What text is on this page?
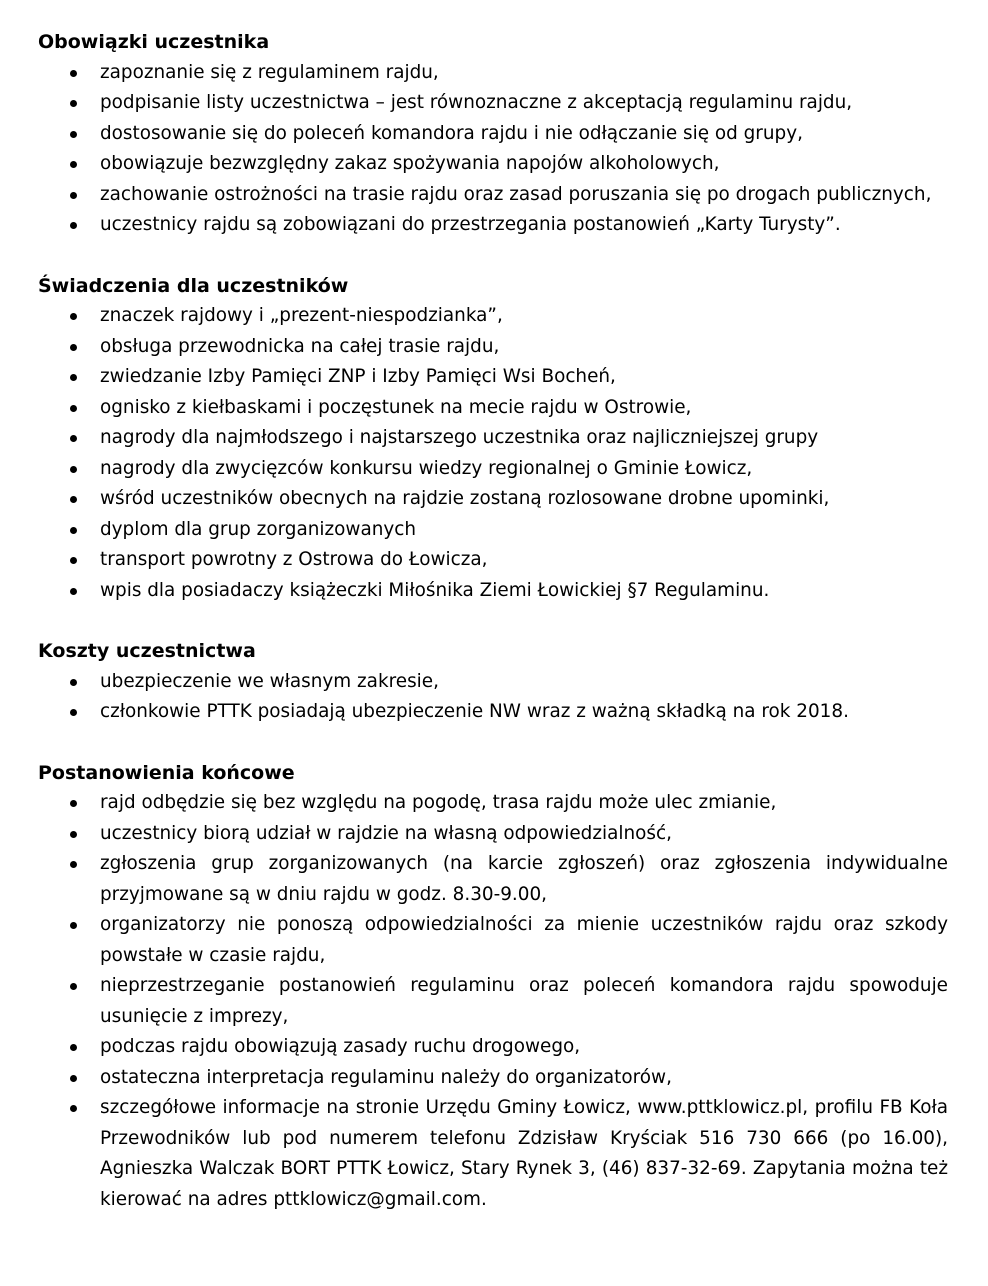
Obowiązki uczestnika
zapoznanie się z regulaminem rajdu,
podpisanie listy uczestnictwa – jest równoznaczne z akceptacją regulaminu rajdu,
dostosowanie się do poleceń komandora rajdu i nie odłączanie się od grupy,
obowiązuje bezwzględny zakaz spożywania napojów alkoholowych,
zachowanie ostrożności na trasie rajdu oraz zasad poruszania się po drogach publicznych,
uczestnicy rajdu są zobowiązani do przestrzegania postanowień „Karty Turysty”.
Świadczenia dla uczestników
znaczek rajdowy i „prezent-niespodzianka”,
obsługa przewodnicka na całej trasie rajdu,
zwiedzanie Izby Pamięci ZNP i Izby Pamięci Wsi Bocheń,
ognisko z kiełbaskami i poczęstunek na mecie rajdu w Ostrowie,
nagrody dla najmłodszego i najstarszego uczestnika oraz najliczniejszej grupy
nagrody dla zwycięzców konkursu wiedzy regionalnej o Gminie Łowicz,
wśród uczestników obecnych na rajdzie zostaną rozlosowane drobne upominki,
dyplom dla grup zorganizowanych
transport powrotny z Ostrowa do Łowicza,
wpis dla posiadaczy książeczki Miłośnika Ziemi Łowickiej §7 Regulaminu.
Koszty uczestnictwa
ubezpieczenie we własnym zakresie,
członkowie PTTK posiadają ubezpieczenie NW wraz z ważną składką na rok 2018.
Postanowienia końcowe
rajd odbędzie się bez względu na pogodę, trasa rajdu może ulec zmianie,
uczestnicy biorą udział w rajdzie na własną odpowiedzialność,
zgłoszenia grup zorganizowanych (na karcie zgłoszeń) oraz zgłoszenia indywidualne przyjmowane są w dniu rajdu w godz. 8.30-9.00,
organizatorzy nie ponoszą odpowiedzialności za mienie uczestników rajdu oraz szkody powstałe w czasie rajdu,
nieprzestrzeganie postanowień regulaminu oraz poleceń komandora rajdu spowoduje usunięcie z imprezy,
podczas rajdu obowiązują zasady ruchu drogowego,
ostateczna interpretacja regulaminu należy do organizatorów,
szczegółowe informacje na stronie Urzędu Gminy Łowicz, www.pttklowicz.pl, profilu FB Koła Przewodników lub pod numerem telefonu Zdzisław Kryściak 516 730 666 (po 16.00), Agnieszka Walczak BORT PTTK Łowicz, Stary Rynek 3, (46) 837-32-69. Zapytania można też kierować na adres pttklowicz@gmail.com.
